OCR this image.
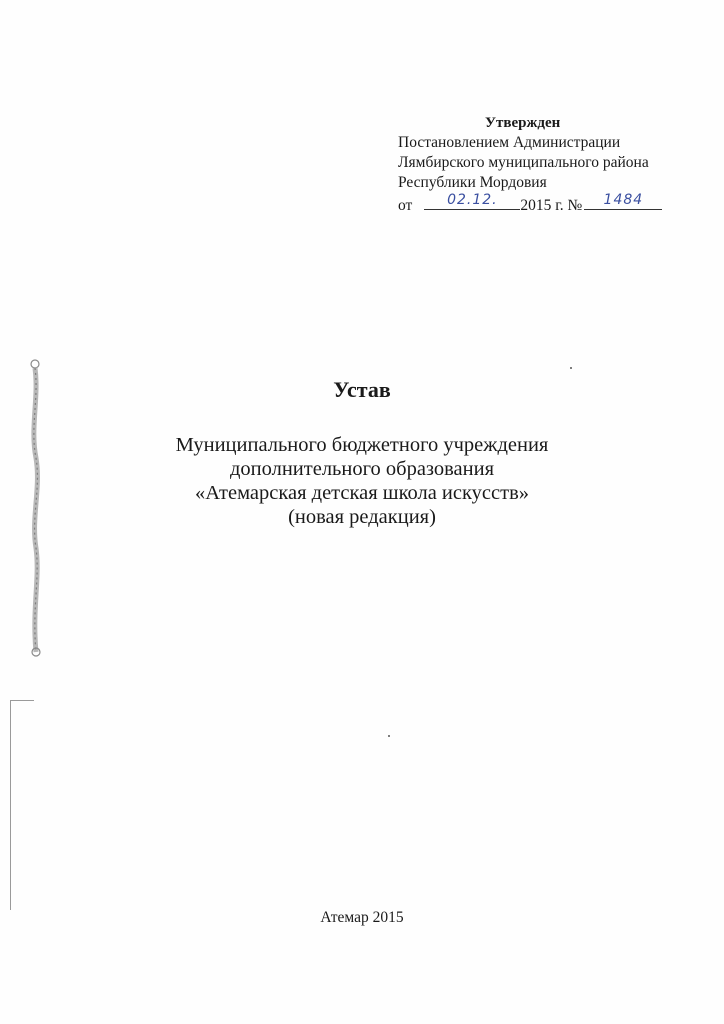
Утвержден
Постановлением Администрации
Лямбирского муниципального района
Республики Мордовия
от	02.12.	2015 г. №	1484
Устав
Муниципального бюджетного учреждения
дополнительного образования
«Атемарская детская школа искусств»
(новая редакция)
Атемар 2015
